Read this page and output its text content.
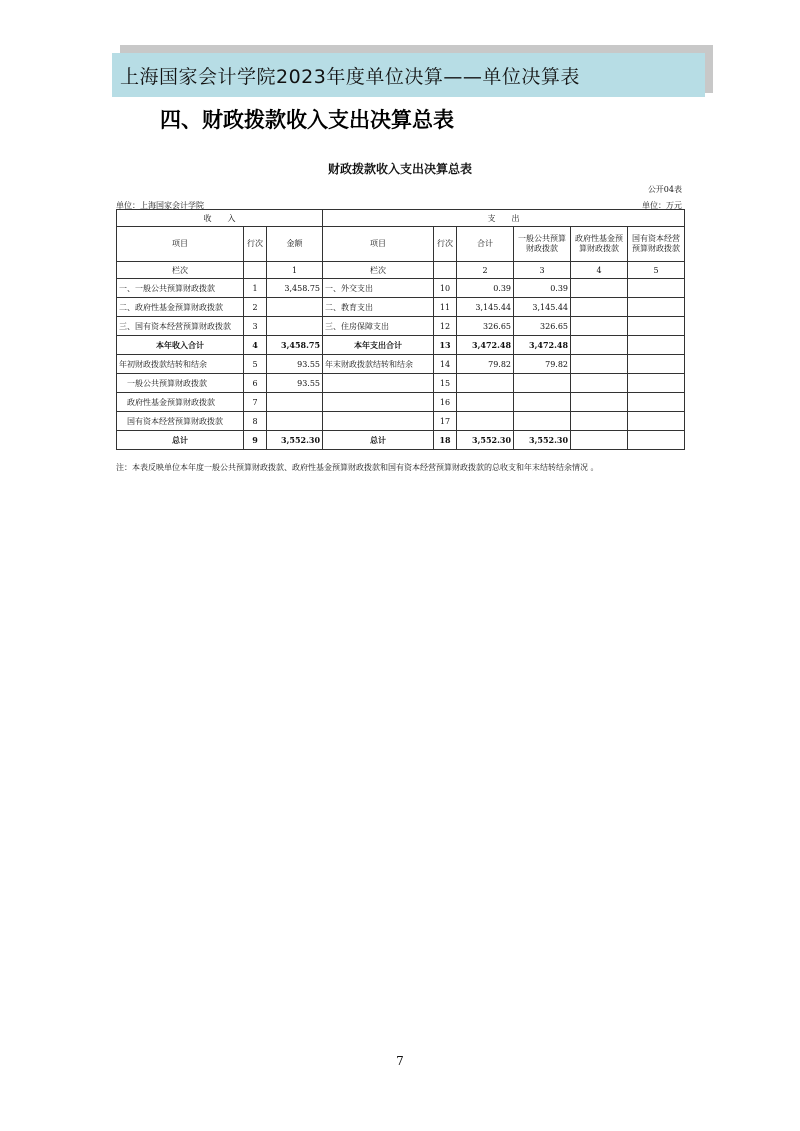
上海国家会计学院2023年度单位决算——单位决算表
四、财政拨款收入支出决算总表
财政拨款收入支出决算总表
公开04表
单位：上海国家会计学院	单位：万元
收　　入			支　　出					
项目	行次	金额	项目	行次	合计	一般公共预算财政拨款	政府性基金预算财政拨款	国有资本经营预算财政拨款
栏次		1	栏次		2	3	4	5
一、一般公共预算财政拨款	1	3,458.75	一、外交支出	10	0.39	0.39		
二、政府性基金预算财政拨款	2		二、教育支出	11	3,145.44	3,145.44		
三、国有资本经营预算财政拨款	3		三、住房保障支出	12	326.65	326.65		
本年收入合计	4	3,458.75	本年支出合计	13	3,472.48	3,472.48		
年初财政拨款结转和结余	5	93.55	年末财政拨款结转和结余	14	79.82	79.82		
一般公共预算财政拨款	6	93.55		15				
政府性基金预算财政拨款	7			16				
国有资本经营预算财政拨款	8			17				
总计	9	3,552.30	总计	18	3,552.30	3,552.30		
注：本表反映单位本年度一般公共预算财政拨款、政府性基金预算财政拨款和国有资本经营预算财政拨款的总收支和年末结转结余情况 。
7
